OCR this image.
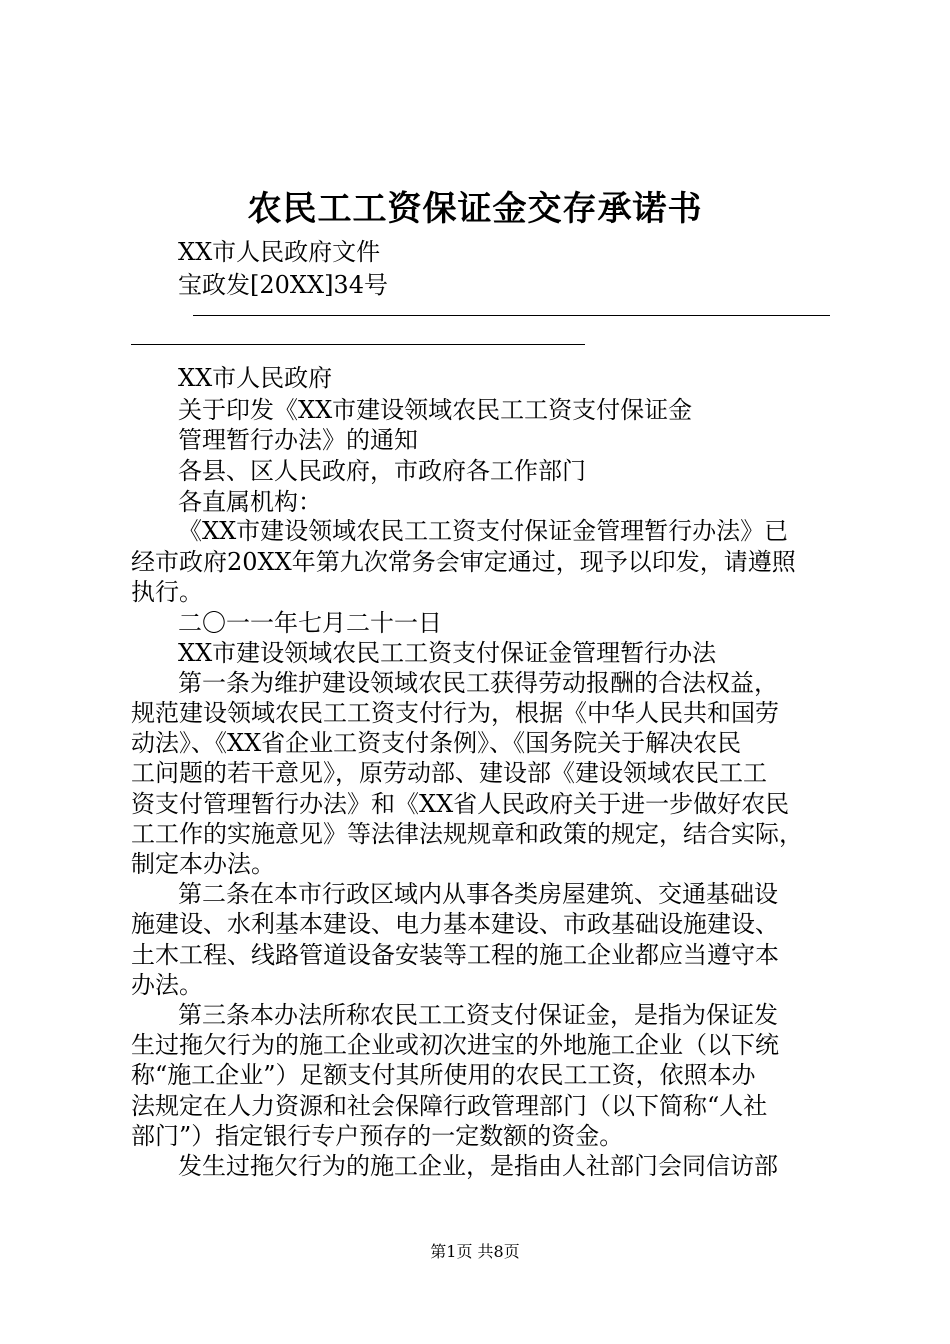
农民工工资保证金交存承诺书
XX市人民政府文件
宝政发[20XX]34号
XX市人民政府
关于印发《XX市建设领域农民工工资支付保证金
管理暂行办法》的通知
各县、区人民政府，市政府各工作部门
各直属机构：
《XX市建设领域农民工工资支付保证金管理暂行办法》已
经市政府20XX年第九次常务会审定通过，现予以印发，请遵照
执行。
二〇一一年七月二十一日
XX市建设领域农民工工资支付保证金管理暂行办法
第一条为维护建设领域农民工获得劳动报酬的合法权益，
规范建设领域农民工工资支付行为，根据《中华人民共和国劳
动法》、《XX省企业工资支付条例》、《国务院关于解决农民
工问题的若干意见》，原劳动部、建设部《建设领域农民工工
资支付管理暂行办法》和《XX省人民政府关于进一步做好农民
工工作的实施意见》等法律法规规章和政策的规定，结合实际，
制定本办法。
第二条在本市行政区域内从事各类房屋建筑、交通基础设
施建设、水利基本建设、电力基本建设、市政基础设施建设、
土木工程、线路管道设备安装等工程的施工企业都应当遵守本
办法。
第三条本办法所称农民工工资支付保证金，是指为保证发
生过拖欠行为的施工企业或初次进宝的外地施工企业（以下统
称“施工企业”）足额支付其所使用的农民工工资，依照本办
法规定在人力资源和社会保障行政管理部门（以下简称“人社
部门”）指定银行专户预存的一定数额的资金。
发生过拖欠行为的施工企业，是指由人社部门会同信访部
第1页 共8页
